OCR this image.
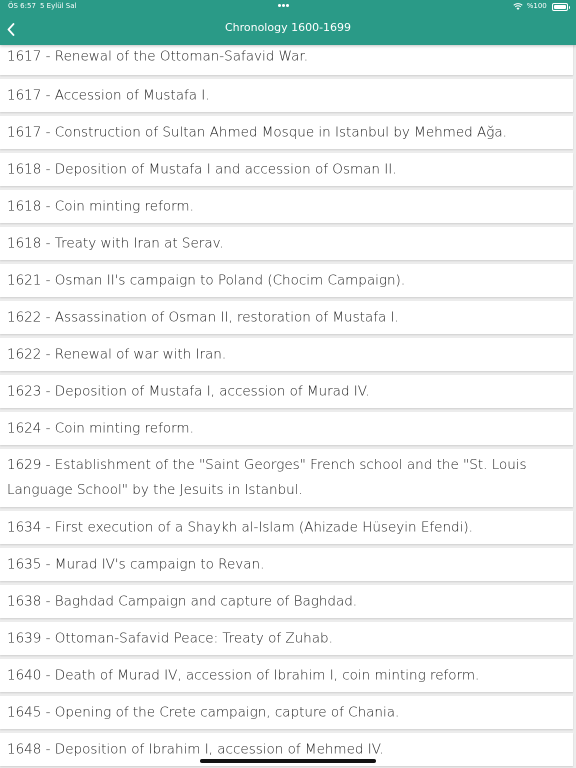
ÖS 6:57 5 Eylül Sal	%100
Chronology 1600-1699
1617 - Renewal of the Ottoman-Safavid War.
1617 - Accession of Mustafa I.
1617 - Construction of Sultan Ahmed Mosque in Istanbul by Mehmed Ağa.
1618 - Deposition of Mustafa I and accession of Osman II.
1618 - Coin minting reform.
1618 - Treaty with Iran at Serav.
1621 - Osman II's campaign to Poland (Chocim Campaign).
1622 - Assassination of Osman II, restoration of Mustafa I.
1622 - Renewal of war with Iran.
1623 - Deposition of Mustafa I, accession of Murad IV.
1624 - Coin minting reform.
1629 - Establishment of the "Saint Georges" French school and the "St. Louis Language School" by the Jesuits in Istanbul.
1634 - First execution of a Shaykh al-Islam (Ahizade Hüseyin Efendi).
1635 - Murad IV's campaign to Revan.
1638 - Baghdad Campaign and capture of Baghdad.
1639 - Ottoman-Safavid Peace: Treaty of Zuhab.
1640 - Death of Murad IV, accession of Ibrahim I, coin minting reform.
1645 - Opening of the Crete campaign, capture of Chania.
1648 - Deposition of Ibrahim I, accession of Mehmed IV.
